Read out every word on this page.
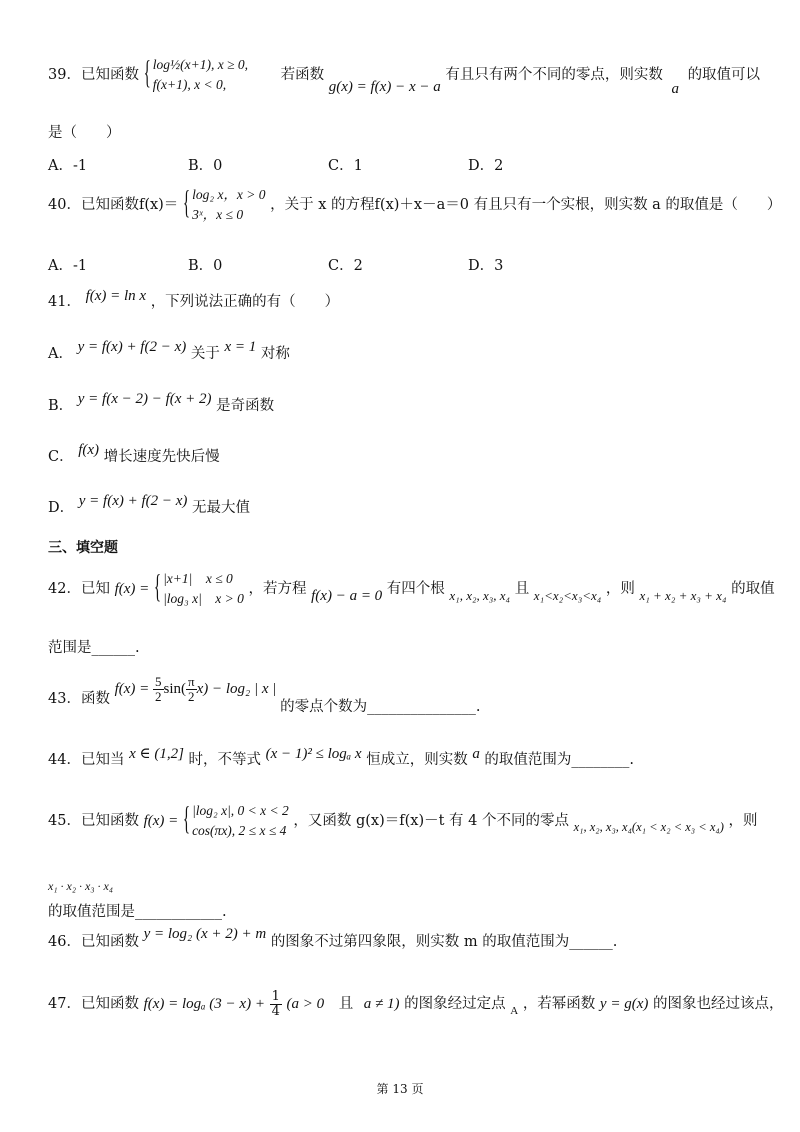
39．已知函数 { log½(x+1), x ≥ 0,
f(x+1), x < 0,
若函数 g(x) = f(x) − x − a 有且只有两个不同的零点，则实数 a 的取值可以
是（　　）
A．-1	B．0	C．1	D．2
40．已知函数f(x)＝ { log₂ x，x > 0
3ˣ，x ≤ 0
，关于 x 的方程f(x)＋x－a＝0 有且只有一个实根，则实数 a 的取值是（　　）
A．-1	B．0	C．2	D．3
41． f(x) = ln x ，下列说法正确的有（　　）
A． y = f(x) + f(2 − x) 关于 x = 1 对称
B． y = f(x − 2) − f(x + 2) 是奇函数
C． f(x) 增长速度先快后慢
D． y = f(x) + f(2 − x) 无最大值
三、填空题
42．已知 f(x) = { |x+1|　x ≤ 0
|log₃ x|　x > 0
，若方程 f(x) − a = 0 有四个根 x₁, x₂, x₃, x₄ 且 x₁<x₂<x₃<x₄ ，则 x₁ + x₂ + x₃ + x₄ 的取值
范围是______.
43．函数 $f(x) = \frac{5}{2} \sin( \frac{\pi}{2} x) - \log_2$ | x | 的零点个数为_______________.
44．已知当 x ∈ (1,2] 时，不等式 (x − 1)² ≤ logₐ x 恒成立，则实数 a 的取值范围为________.
45．已知函数 f(x) = { |log₂ x|, 0 < x < 2
cos(πx), 2 ≤ x ≤ 4
，又函数 g(x)＝f(x)－t 有 4 个不同的零点 x₁, x₂, x₃, x₄(x₁ < x₂ < x₃ < x₄) ，则
$^{x_1 \cdot x_2 \cdot x_3 \cdot x_4}$
的取值范围是____________.
46．已知函数 y = log₂ (x + 2) + m 的图象不过第四象限，则实数 m 的取值范围为______.
47．已知函数 f(x) = logₐ $(3 - x) + \frac{1}{4} (a > 0$ 且 a ≠ 1) 的图象经过定点 $_A$ ，若幂函数 y = g(x) 的图象也经过该点，
第 13 页
